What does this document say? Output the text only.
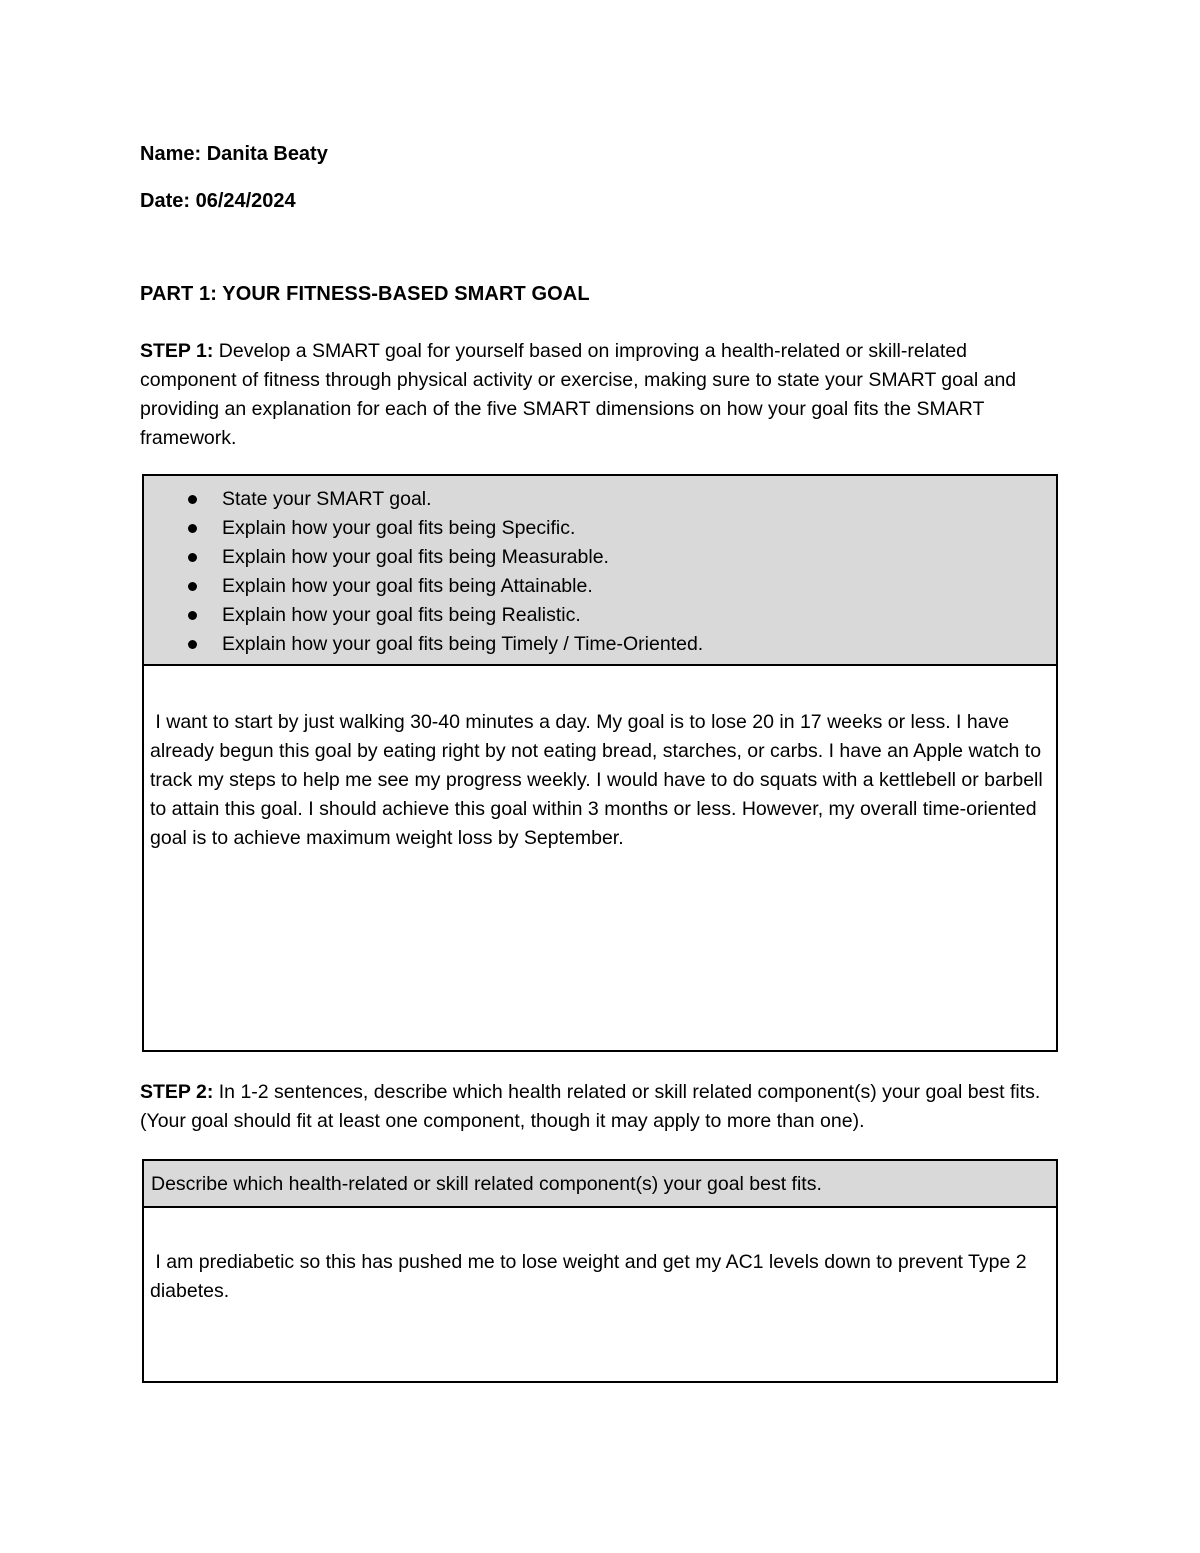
Name: Danita Beaty
Date: 06/24/2024
PART 1: YOUR FITNESS-BASED SMART GOAL
STEP 1: Develop a SMART goal for yourself based on improving a health-related or skill-related component of fitness through physical activity or exercise, making sure to state your SMART goal and providing an explanation for each of the five SMART dimensions on how your goal fits the SMART framework.
State your SMART goal.
Explain how your goal fits being Specific.
Explain how your goal fits being Measurable.
Explain how your goal fits being Attainable.
Explain how your goal fits being Realistic.
Explain how your goal fits being Timely / Time-Oriented.
I want to start by just walking 30-40 minutes a day. My goal is to lose 20 in 17 weeks or less. I have already begun this goal by eating right by not eating bread, starches, or carbs. I have an Apple watch to track my steps to help me see my progress weekly. I would have to do squats with a kettlebell or barbell to attain this goal. I should achieve this goal within 3 months or less. However, my overall time-oriented goal is to achieve maximum weight loss by September.
STEP 2: In 1-2 sentences, describe which health related or skill related component(s) your goal best fits. (Your goal should fit at least one component, though it may apply to more than one).
Describe which health-related or skill related component(s) your goal best fits.
I am prediabetic so this has pushed me to lose weight and get my AC1 levels down to prevent Type 2 diabetes.
